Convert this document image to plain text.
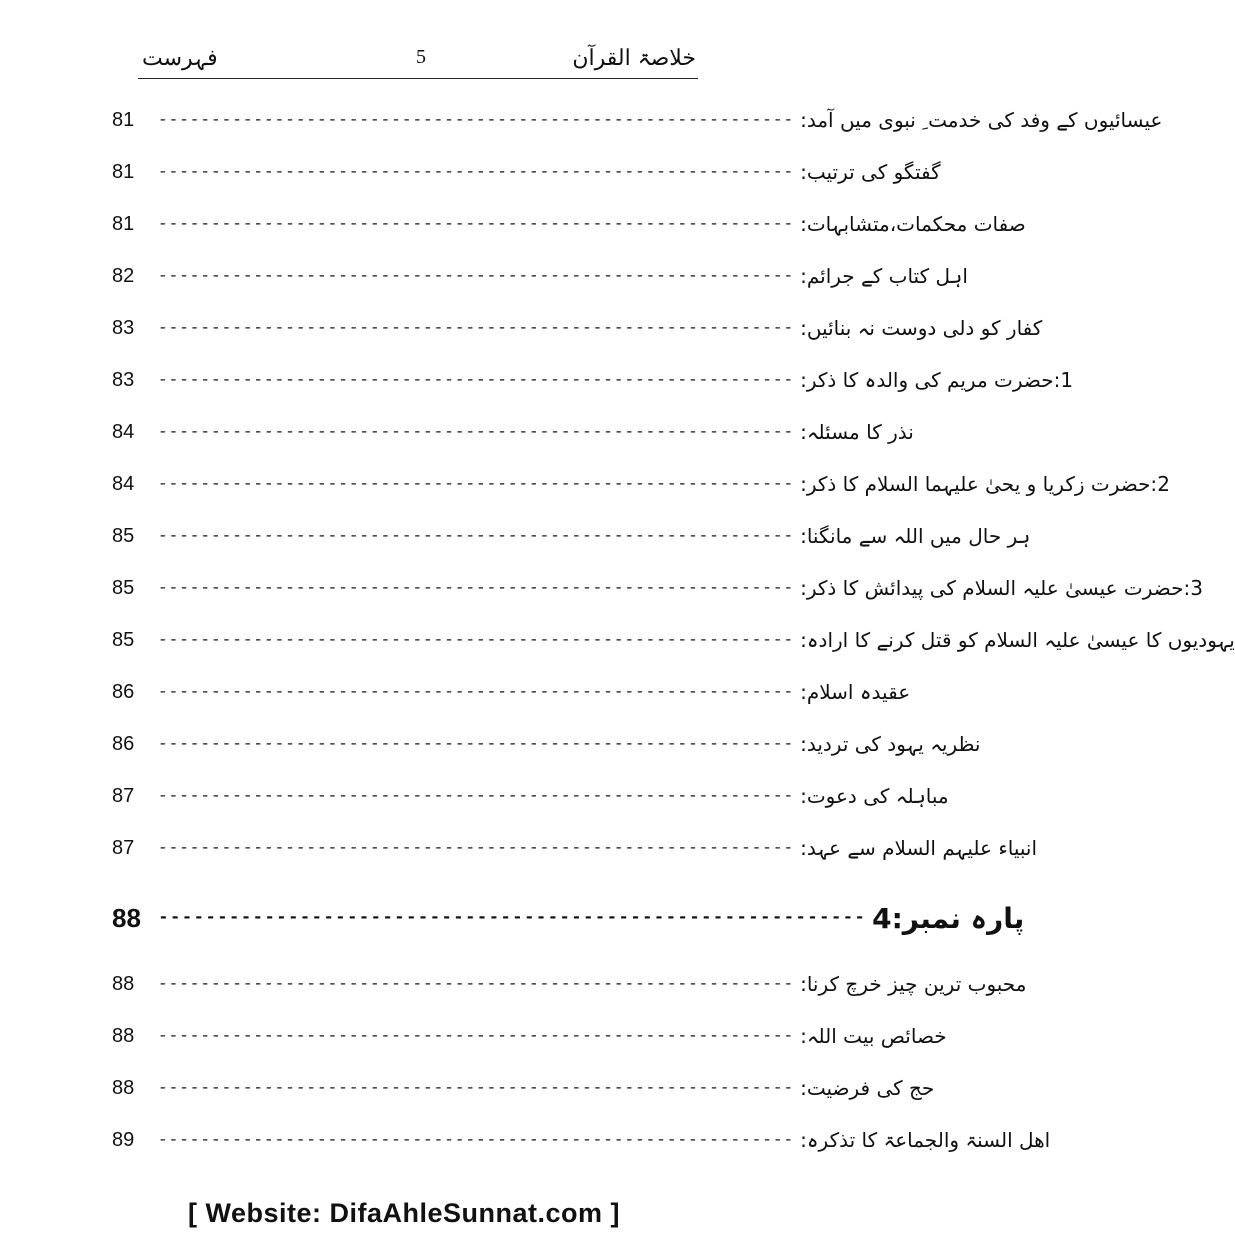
فہرست	5	خلاصۃ القرآن
81	------------------------------------------------------------ عیسائیوں کے وفد کی خدمت ِ نبوی میں آمد:
81	------------------------------------------------------------ گفتگو کی ترتیب:
81	------------------------------------------------------------ صفات محکمات،متشابہات:
82	------------------------------------------------------------ اہل کتاب کے جرائم:
83	------------------------------------------------------------ کفار کو دلی دوست نہ بنائیں:
83	------------------------------------------------------------ 1:حضرت مریم کی والدہ کا ذکر:
84	------------------------------------------------------------ نذر کا مسئلہ:
84	------------------------------------------------------------ 2:حضرت زکریا و یحیٰ علیہما السلام کا ذکر:
85	------------------------------------------------------------ ہر حال میں اللہ سے مانگنا:
85	------------------------------------------------------------ 3:حضرت عیسیٰ علیہ السلام کی پیدائش کا ذکر:
85	------------------------------------------------------------ یہودیوں کا عیسیٰ علیہ السلام کو قتل کرنے کا ارادہ:
86	------------------------------------------------------------ عقیدہ اسلام:
86	------------------------------------------------------------ نظریہ یہود کی تردید:
87	------------------------------------------------------------ مباہلہ کی دعوت:
87	------------------------------------------------------------ انبیاء علیہم السلام سے عہد:
88 ------------------------------------------------------------ پارہ نمبر:4
88	------------------------------------------------------------ محبوب ترین چیز خرچ کرنا:
88	------------------------------------------------------------ خصائص بیت اللہ:
88	------------------------------------------------------------ حج کی فرضیت:
89	------------------------------------------------------------ اھل السنۃ والجماعۃ کا تذکرہ:
[ Website: DifaAhleSunnat.com ]
